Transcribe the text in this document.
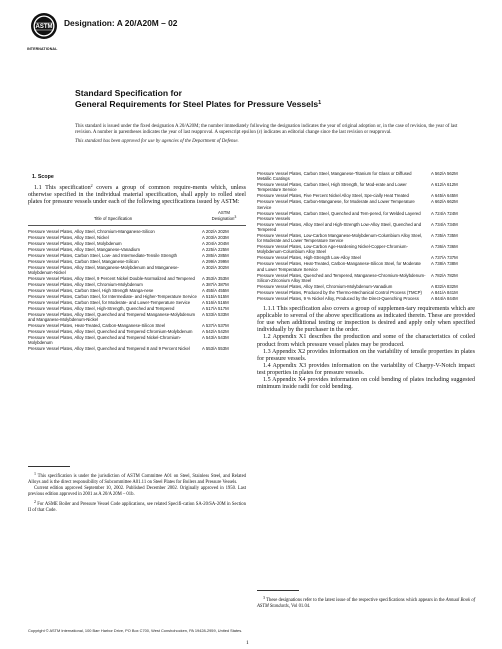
ASTM
INTERNATIONAL
Designation: A 20/A20M – 02
Standard Specification for
General Requirements for Steel Plates for Pressure Vessels$^1$

This standard is issued under the fixed designation A 20/A20M; the number immediately following the designation indicates the year of original adoption or, in the case of revision, the year of last revision. A number in parentheses indicates the year of last reapproval. A superscript epsilon (ε) indicates an editorial change since the last revision or reapproval.

This standard has been approved for use by agencies of the Department of Defense.

1. Scope

1.1 This specification$^2$ covers a group of common require-ments which, unless otherwise specified in the individual material specification, shall apply to rolled steel plates for pressure vessels under each of the following specifications issued by ASTM:

Title of Specification	ASTM
Designation$^3$

Pressure Vessel Plates, Alloy Steel, Chromium-Manganese-Silicon	A 202/A 202M
Pressure Vessel Plates, Alloy Steel, Nickel	A 203/A 203M
Pressure Vessel Plates, Alloy Steel, Molybdenum	A 204/A 204M
Pressure Vessel Plates, Alloy Steel, Manganese-Vanadium	A 225/A 225M
Pressure Vessel Plates, Carbon Steel, Low- and Intermediate-Tensile Strength	A 285/A 285M
Pressure Vessel Plates, Carbon Steel, Manganese-Silicon	A 299/A 299M
Pressure Vessel Plates, Alloy Steel, Manganese-Molybdenum and Manganese-Molybdenum-Nickel	A 302/A 302M
Pressure Vessel Plates, Alloy Steel, 9 Percent Nickel Double-Normalized and Tempered	A 353/A 353M
Pressure Vessel Plates, Alloy Steel, Chromium-Molybdenum	A 387/A 387M
Pressure Vessel Plates, Carbon Steel, High Strength Manga-nese	A 455/A 455M
Pressure Vessel Plates, Carbon Steel, for Intermediate- and Higher-Temperature Service	A 515/A 515M
Pressure Vessel Plates, Carbon Steel, for Moderate- and Lower-Temperature Service	A 516/A 516M
Pressure Vessel Plates, Alloy Steel, High-Strength, Quenched and Tempered	A 517/A 517M
Pressure Vessel Plates, Alloy Steel, Quenched and Tempered Manganese-Molybdenum and Manganese-Molybdenum-Nickel	A 533/A 533M
Pressure Vessel Plates, Heat-Treated, Carbon-Manganese-Silicon Steel	A 537/A 537M
Pressure Vessel Plates, Alloy Steel, Quenched and Tempered Chromium-Molybdenum	A 542/A 542M
Pressure Vessel Plates, Alloy Steel, Quenched and Tempered Nickel-Chromium-Molybdenum	A 543/A 543M
Pressure Vessel Plates, Alloy Steel, Quenched and Tempered 8 and 9 Percent Nickel	A 553/A 553M
Pressure Vessel Plates, Carbon Steel, Manganese-Titanium for Glass or Diffused Metallic Coatings	A 562/A 562M
Pressure Vessel Plates, Carbon Steel, High Strength, for Mod-erate and Lower Temperature Service	A 612/A 612M
Pressure Vessel Plates, Five Percent Nickel Alloy Steel, Spe-cially Heat Treated	A 645/A 645M
Pressure Vessel Plates, Carbon-Manganese, for Moderate and Lower Temperature Service	A 662/A 662M
Pressure Vessel Plates, Carbon Steel, Quenched and Tem-pered, for Welded Layered Pressure Vessels	A 724/A 724M
Pressure Vessel Plates, Alloy Steel and High-Strength Low-Alloy Steel, Quenched and Tempered	A 734/A 734M
Pressure Vessel Plates, Low-Carbon Manganese-Molybdenum-Columbium Alloy Steel, for Moderate and Lower Temperature Service	A 735/A 735M
Pressure Vessel Plates, Low-Carbon Age-Hardening Nickel-Copper-Chromium-Molybdenum-Columbium Alloy Steel	A 736/A 736M
Pressure Vessel Plates, High-Strength Low-Alloy Steel	A 737/A 737M
Pressure Vessel Plates, Heat-Treated, Carbon-Manganese-Silicon Steel, for Moderate and Lower Temperature Service	A 738/A 738M
Pressure Vessel Plates, Quenched and Tempered, Manganese-Chromium-Molybdenum-Silicon-Zirconium Alloy Steel	A 782/A 782M
Pressure Vessel Plates, Alloy Steel, Chromium-Molybdenum-Vanadium	A 832/A 832M
Pressure Vessel Plates, Produced by the Thermo-Mechanical Control Process (TMCP)	A 841/A 841M
Pressure Vessel Plates, 9 % Nickel Alloy, Produced by the Direct-Quenching Process	A 844/A 844M

1.1.1 This specification also covers a group of supplemen-tary requirements which are applicable to several of the above specifications as indicated therein. These are provided for use when additional testing or inspection is desired and apply only when specified individually by the purchaser in the order.

1.2 Appendix X1 describes the production and some of the characteristics of coiled product from which pressure vessel plates may be produced.

1.3 Appendix X2 provides information on the variability of tensile properties in plates for pressure vessels.

1.4 Appendix X3 provides information on the variability of Charpy-V-Notch impact test properties in plates for pressure vessels.

1.5 Appendix X4 provides information on cold bending of plates including suggested minimum inside radii for cold bending.

$^1$ This specification is under the jurisdiction of ASTM Committee A01 on Steel, Stainless Steel, and Related Alloys and is the direct responsibility of Subcommittee A01.11 on Steel Plates for Boilers and Pressure Vessels.

Current edition approved September 10, 2002. Published December 2002. Originally approved in 1950. Last previous edition approved in 2001 as A 20/A 20M – 01b.

$^2$ For ASME Boiler and Pressure Vessel Code applications, see related Specifi-cation SA-20/SA-20M in Section II of that Code.

$^3$ These designations refer to the latest issue of the respective specifications which appears in the Annual Book of ASTM Standards, Vol 01.04.

Copyright © ASTM International, 100 Barr Harbor Drive, PO Box C700, West Conshohocken, PA 19428-2959, United States.
1
